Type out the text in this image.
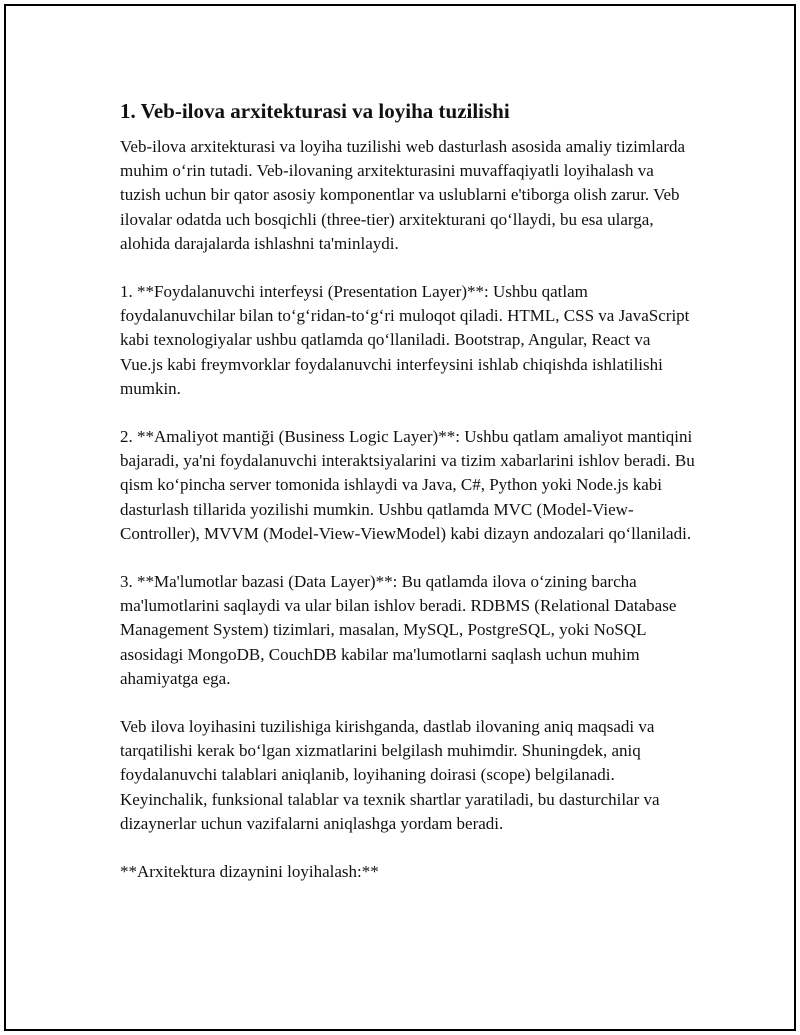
1. Veb-ilova arxitekturasi va loyiha tuzilishi

Veb-ilova arxitekturasi va loyiha tuzilishi web dasturlash asosida amaliy tizimlarda muhim oʻrin tutadi. Veb-ilovaning arxitekturasini muvaffaqiyatli loyihalash va tuzish uchun bir qator asosiy komponentlar va uslublarni e'tiborga olish zarur. Veb ilovalar odatda uch bosqichli (three-tier) arxitekturani qoʻllaydi, bu esa ularga, alohida darajalarda ishlashni ta'minlaydi.

1. **Foydalanuvchi interfeysi (Presentation Layer)**: Ushbu qatlam foydalanuvchilar bilan toʻgʻridan-toʻgʻri muloqot qiladi. HTML, CSS va JavaScript kabi texnologiyalar ushbu qatlamda qoʻllaniladi. Bootstrap, Angular, React va Vue.js kabi freymvorklar foydalanuvchi interfeysini ishlab chiqishda ishlatilishi mumkin.

2. **Amaliyot mantiği (Business Logic Layer)**: Ushbu qatlam amaliyot mantiqini bajaradi, ya'ni foydalanuvchi interaktsiyalarini va tizim xabarlarini ishlov beradi. Bu qism koʻpincha server tomonida ishlaydi va Java, C#, Python yoki Node.js kabi dasturlash tillarida yozilishi mumkin. Ushbu qatlamda MVC (Model-View-Controller), MVVM (Model-View-ViewModel) kabi dizayn andozalari qoʻllaniladi.

3. **Ma'lumotlar bazasi (Data Layer)**: Bu qatlamda ilova oʻzining barcha ma'lumotlarini saqlaydi va ular bilan ishlov beradi. RDBMS (Relational Database Management System) tizimlari, masalan, MySQL, PostgreSQL, yoki NoSQL asosidagi MongoDB, CouchDB kabilar ma'lumotlarni saqlash uchun muhim ahamiyatga ega.

Veb ilova loyihasini tuzilishiga kirishganda, dastlab ilovaning aniq maqsadi va tarqatilishi kerak boʻlgan xizmatlarini belgilash muhimdir. Shuningdek, aniq foydalanuvchi talablari aniqlanib, loyihaning doirasi (scope) belgilanadi. Keyinchalik, funksional talablar va texnik shartlar yaratiladi, bu dasturchilar va dizaynerlar uchun vazifalarni aniqlashga yordam beradi.

**Arxitektura dizaynini loyihalash:**
